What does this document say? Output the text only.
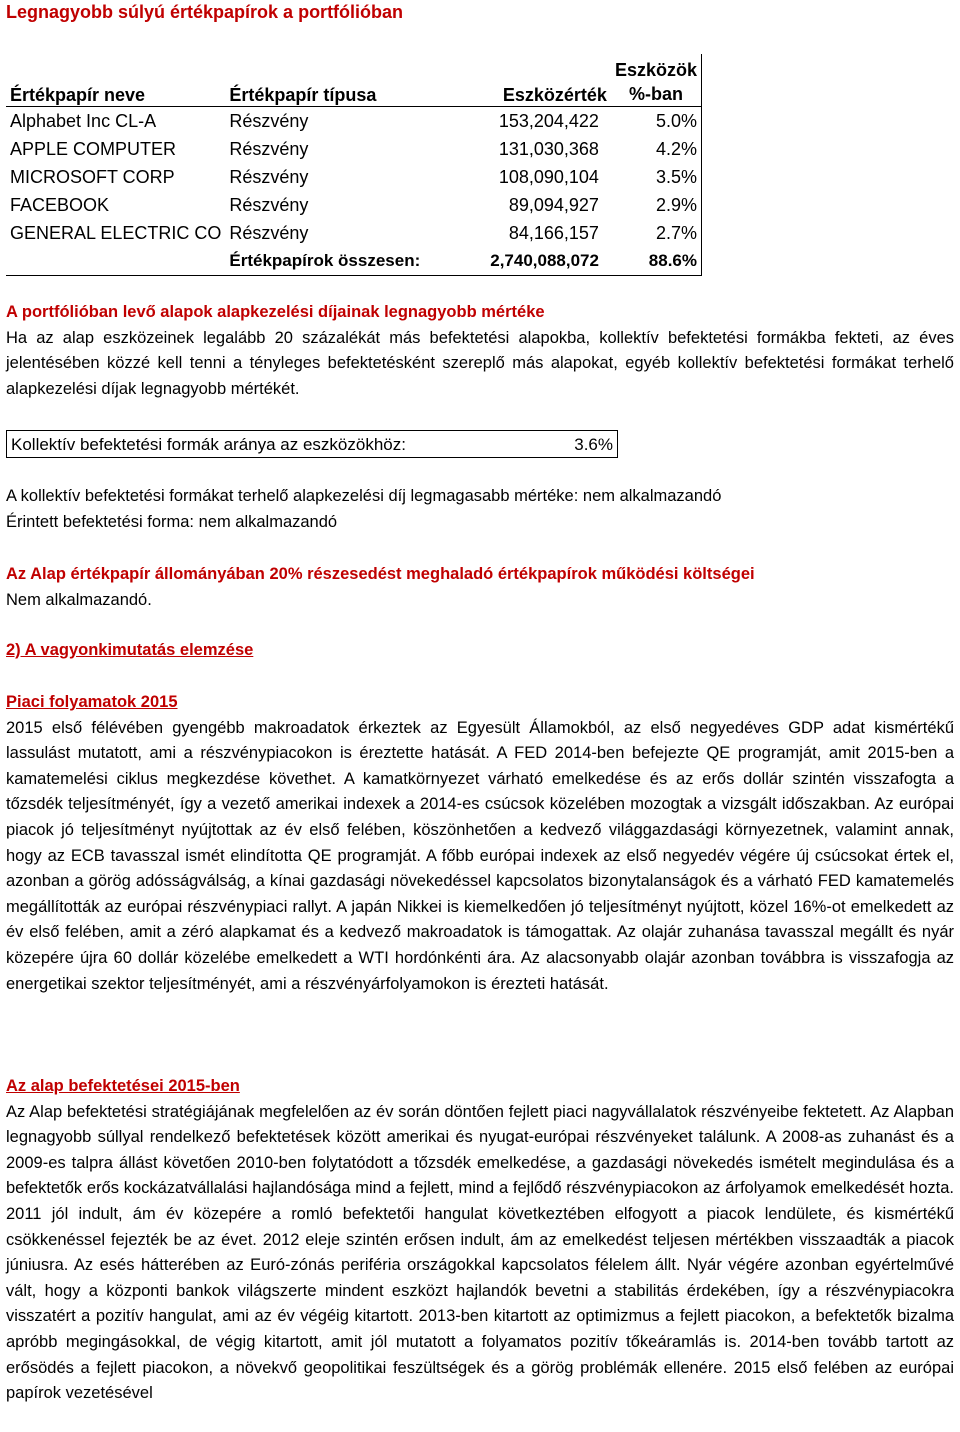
Legnagyobb súlyú értékpapírok a portfólióban
Értékpapír neve	Értékpapír típusa	Eszközérték	Eszközök
%-ban

Alphabet Inc CL-A	Részvény	153,204,422	5.0%
APPLE COMPUTER	Részvény	131,030,368	4.2%
MICROSOFT CORP	Részvény	108,090,104	3.5%
FACEBOOK	Részvény	89,094,927	2.9%
GENERAL ELECTRIC CO	Részvény	84,166,157	2.7%
	Értékpapírok összesen:	2,740,088,072	88.6%

A portfólióban levő alapok alapkezelési díjainak legnagyobb mértéke

Ha az alap eszközeinek legalább 20 százalékát más befektetési alapokba, kollektív befektetési formákba fekteti, az éves jelentésében közzé kell tenni a tényleges befektetésként szereplő más alapokat, egyéb kollektív befektetési formákat terhelő alapkezelési díjak legnagyobb mértékét.

Kollektív befektetési formák aránya az eszközökhöz:	3.6%

A kollektív befektetési formákat terhelő alapkezelési díj legmagasabb mértéke: nem alkalmazandó

Érintett befektetési forma: nem alkalmazandó

Az Alap értékpapír állományában 20% részesedést meghaladó értékpapírok működési költségei

Nem alkalmazandó.

2) A vagyonkimutatás elemzése

Piaci folyamatok 2015

2015 első félévében gyengébb makroadatok érkeztek az Egyesült Államokból, az első negyedéves GDP adat kismértékű lassulást mutatott, ami a részvénypiacokon is éreztette hatását. A FED 2014-ben befejezte QE programját, amit 2015-ben a kamatemelési ciklus megkezdése követhet. A kamatkörnyezet várható emelkedése és az erős dollár szintén visszafogta a tőzsdék teljesítményét, így a vezető amerikai indexek a 2014-es csúcsok közelében mozogtak a vizsgált időszakban. Az európai piacok jó teljesítményt nyújtottak az év első felében, köszönhetően a kedvező világgazdasági környezetnek, valamint annak, hogy az ECB tavasszal ismét elindította QE programját. A főbb európai indexek az első negyedév végére új csúcsokat értek el, azonban a görög adósságválság, a kínai gazdasági növekedéssel kapcsolatos bizonytalanságok és a várható FED kamatemelés megállították az európai részvénypiaci rallyt. A japán Nikkei is kiemelkedően jó teljesítményt nyújtott, közel 16%-ot emelkedett az év első felében, amit a zéró alapkamat és a kedvező makroadatok is támogattak. Az olajár zuhanása tavasszal megállt és nyár közepére újra 60 dollár közelébe emelkedett a WTI hordónkénti ára. Az alacsonyabb olajár azonban továbbra is visszafogja az energetikai szektor teljesítményét, ami a részvényárfolyamokon is érezteti hatását.

Az alap befektetései 2015-ben

Az Alap befektetési stratégiájának megfelelően az év során döntően fejlett piaci nagyvállalatok részvényeibe fektetett. Az Alapban legnagyobb súllyal rendelkező befektetések között amerikai és nyugat-európai részvényeket találunk. A 2008-as zuhanást és a 2009-es talpra állást követően 2010-ben folytatódott a tőzsdék emelkedése, a gazdasági növekedés ismételt megindulása és a befektetők erős kockázatvállalási hajlandósága mind a fejlett, mind a fejlődő részvénypiacokon az árfolyamok emelkedését hozta. 2011 jól indult, ám év közepére a romló befektetői hangulat következtében elfogyott a piacok lendülete, és kismértékű csökkenéssel fejezték be az évet. 2012 eleje szintén erősen indult, ám az emelkedést teljesen mértékben visszaadták a piacok júniusra. Az esés hátterében az Euró-zónás periféria országokkal kapcsolatos félelem állt. Nyár végére azonban egyértelművé vált, hogy a központi bankok világszerte mindent eszközt hajlandók bevetni a stabilitás érdekében, így a részvénypiacokra visszatért a pozitív hangulat, ami az év végéig kitartott. 2013-ben kitartott az optimizmus a fejlett piacokon, a befektetők bizalma apróbb megingásokkal, de végig kitartott, amit jól mutatott a folyamatos pozitív tőkeáramlás is. 2014-ben tovább tartott az erősödés a fejlett piacokon, a növekvő geopolitikai feszültségek és a görög problémák ellenére. 2015 első felében az európai papírok vezetésével
